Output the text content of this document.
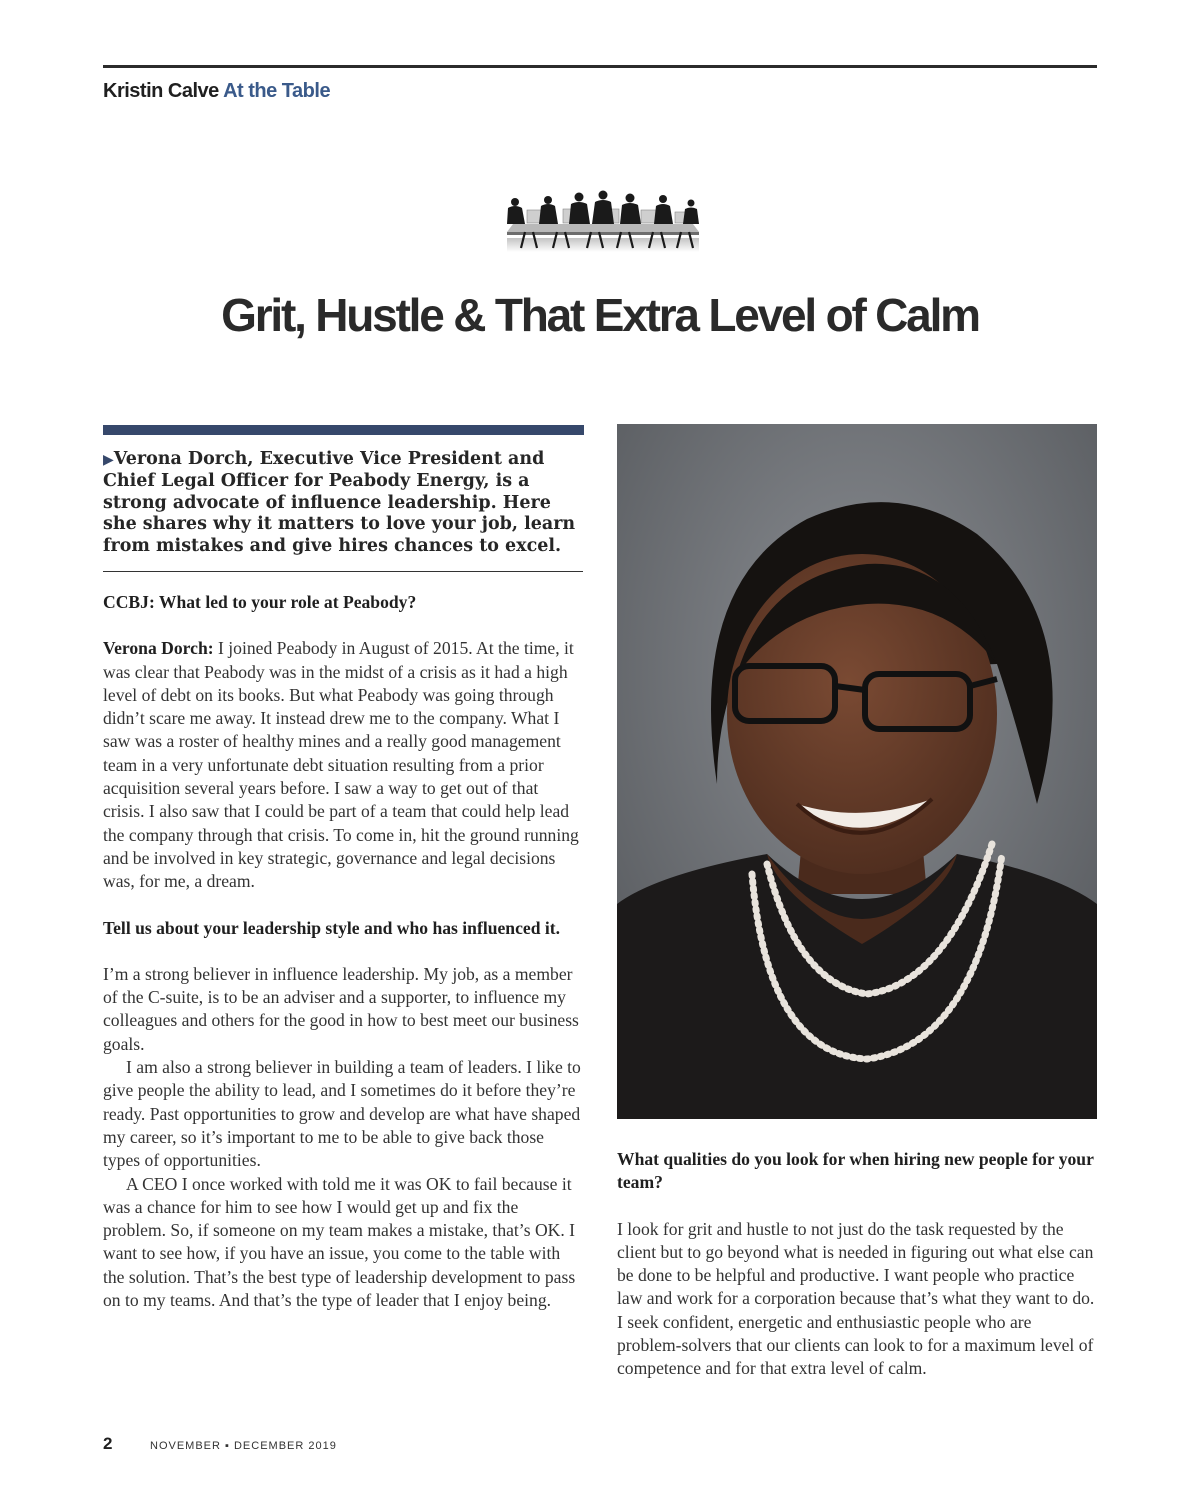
Kristin Calve At the Table
Grit, Hustle & That Extra Level of Calm
▶Verona Dorch, Executive Vice President and Chief Legal Officer for Peabody Energy, is a strong advocate of influence leadership. Here she shares why it matters to love your job, learn from mistakes and give hires chances to excel.

CCBJ: What led to your role at Peabody?

Verona Dorch: I joined Peabody in August of 2015. At the time, it was clear that Peabody was in the midst of a crisis as it had a high level of debt on its books. But what Peabody was going through didn’t scare me away. It instead drew me to the company. What I saw was a roster of healthy mines and a really good management team in a very unfortunate debt situation resulting from a prior acquisition several years before. I saw a way to get out of that crisis. I also saw that I could be part of a team that could help lead the company through that crisis. To come in, hit the ground running and be involved in key strategic, governance and legal decisions was, for me, a dream.

Tell us about your leadership style and who has influenced it.

I’m a strong believer in influence leadership. My job, as a member of the C-suite, is to be an adviser and a supporter, to influence my colleagues and others for the good in how to best meet our business goals.

I am also a strong believer in building a team of leaders. I like to give people the ability to lead, and I sometimes do it before they’re ready. Past opportunities to grow and develop are what have shaped my career, so it’s important to me to be able to give back those types of opportunities.

A CEO I once worked with told me it was OK to fail because it was a chance for him to see how I would get up and fix the problem. So, if someone on my team makes a mistake, that’s OK. I want to see how, if you have an issue, you come to the table with the solution. That’s the best type of leadership development to pass on to my teams. And that’s the type of leader that I enjoy being.

What qualities do you look for when hiring new people for your team?

I look for grit and hustle to not just do the task requested by the client but to go beyond what is needed in figuring out what else can be done to be helpful and productive. I want people who practice law and work for a corporation because that’s what they want to do. I seek confident, energetic and enthusiastic people who are problem-solvers that our clients can look to for a maximum level of competence and for that extra level of calm.

2	NOVEMBER ▪ DECEMBER 2019
